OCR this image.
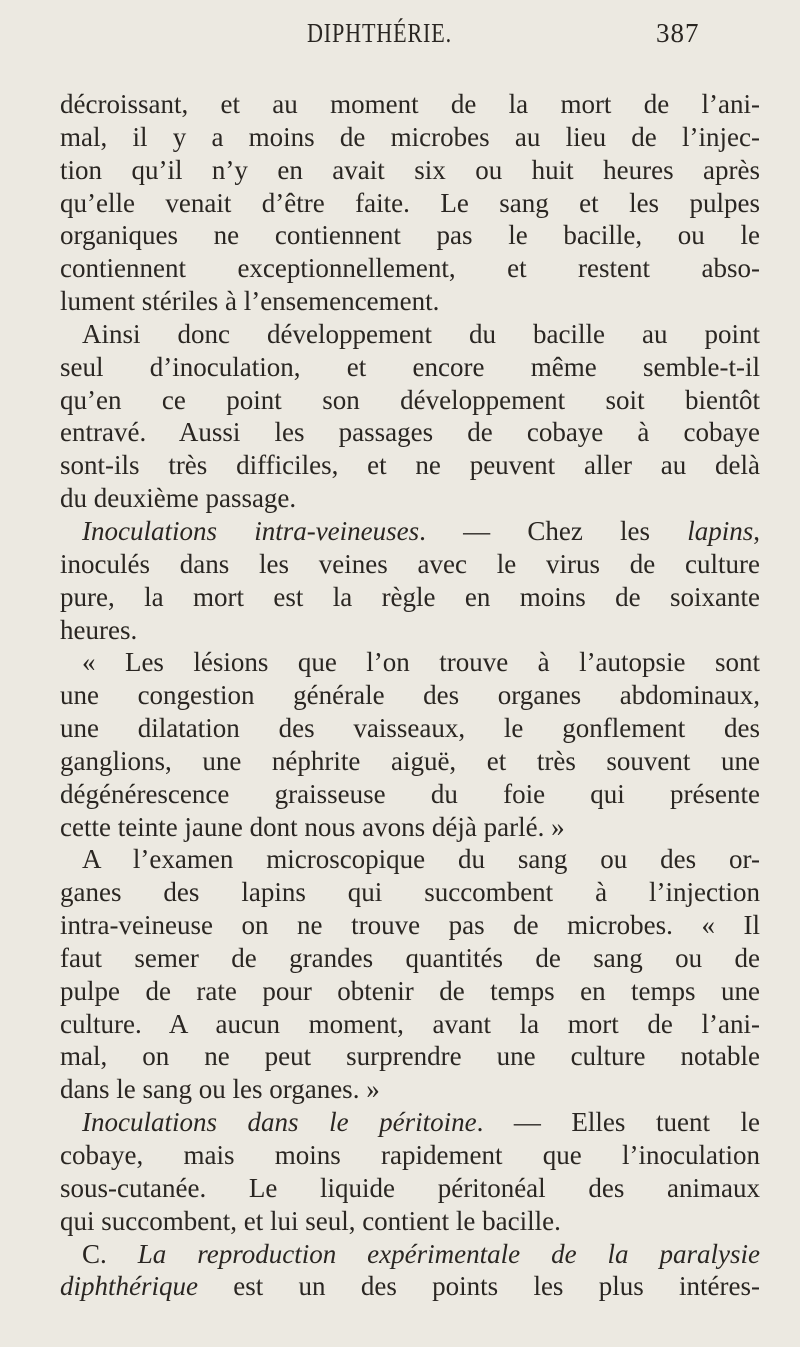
DIPHTHÉRIE.	387
décroissant, et au moment de la mort de l’ani-
mal, il y a moins de microbes au lieu de l’injec-
tion qu’il n’y en avait six ou huit heures après
qu’elle venait d’être faite. Le sang et les pulpes
organiques ne contiennent pas le bacille, ou le
contiennent exceptionnellement, et restent abso-
lument stériles à l’ensemencement.
Ainsi donc développement du bacille au point
seul d’inoculation, et encore même semble-t-il
qu’en ce point son développement soit bientôt
entravé. Aussi les passages de cobaye à cobaye
sont-ils très difficiles, et ne peuvent aller au delà
du deuxième passage.
Inoculations intra-veineuses. — Chez les lapins,
inoculés dans les veines avec le virus de culture
pure, la mort est la règle en moins de soixante
heures.
« Les lésions que l’on trouve à l’autopsie sont
une congestion générale des organes abdominaux,
une dilatation des vaisseaux, le gonflement des
ganglions, une néphrite aiguë, et très souvent une
dégénérescence graisseuse du foie qui présente
cette teinte jaune dont nous avons déjà parlé. »
A l’examen microscopique du sang ou des or-
ganes des lapins qui succombent à l’injection
intra-veineuse on ne trouve pas de microbes. « Il
faut semer de grandes quantités de sang ou de
pulpe de rate pour obtenir de temps en temps une
culture. A aucun moment, avant la mort de l’ani-
mal, on ne peut surprendre une culture notable
dans le sang ou les organes. »
Inoculations dans le péritoine. — Elles tuent le
cobaye, mais moins rapidement que l’inoculation
sous-cutanée. Le liquide péritonéal des animaux
qui succombent, et lui seul, contient le bacille.
C. La reproduction expérimentale de la paralysie
diphthérique est un des points les plus intéres-
